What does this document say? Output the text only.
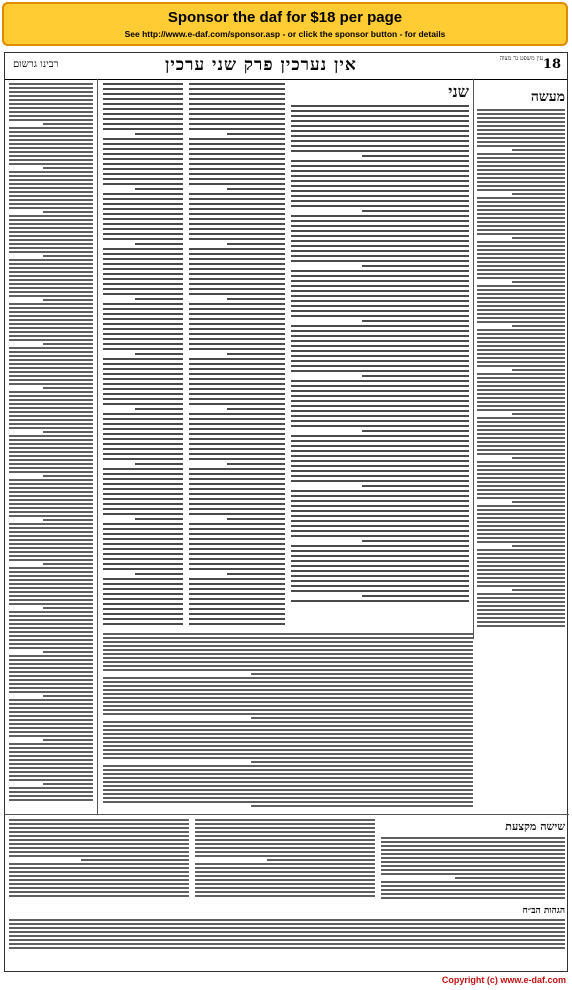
Sponsor the daf for $18 per page
See http://www.e-daf.com/sponsor.asp - or click the sponsor button - for details
18
אין נערכין פרק שני ערכין
רבינו גרשום
עין משפט נר מצוה
שני	מעשה
שישה מקצעת
הגהות הב״ח
Copyright (c) www.e-daf.com
